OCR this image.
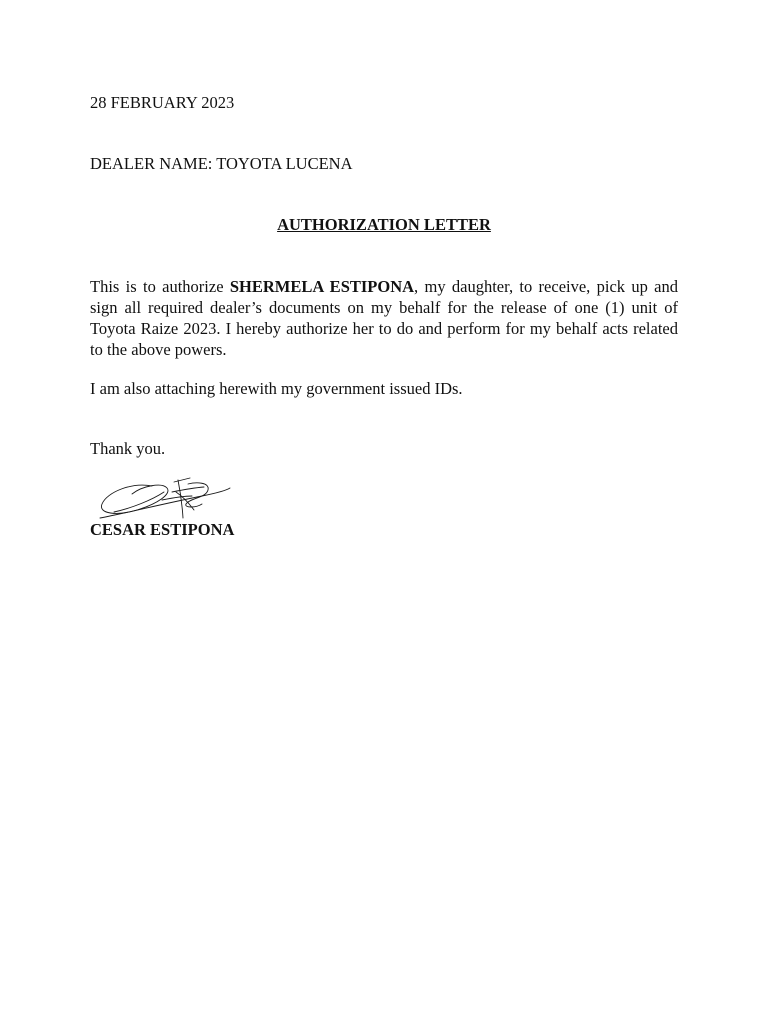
28 FEBRUARY 2023
DEALER NAME: TOYOTA LUCENA
AUTHORIZATION LETTER
This is to authorize SHERMELA ESTIPONA, my daughter, to receive, pick up and sign all required dealer’s documents on my behalf for the release of one (1) unit of Toyota Raize 2023. I hereby authorize her to do and perform for my behalf acts related to the above powers.
I am also attaching herewith my government issued IDs.
Thank you.
CESAR ESTIPONA
